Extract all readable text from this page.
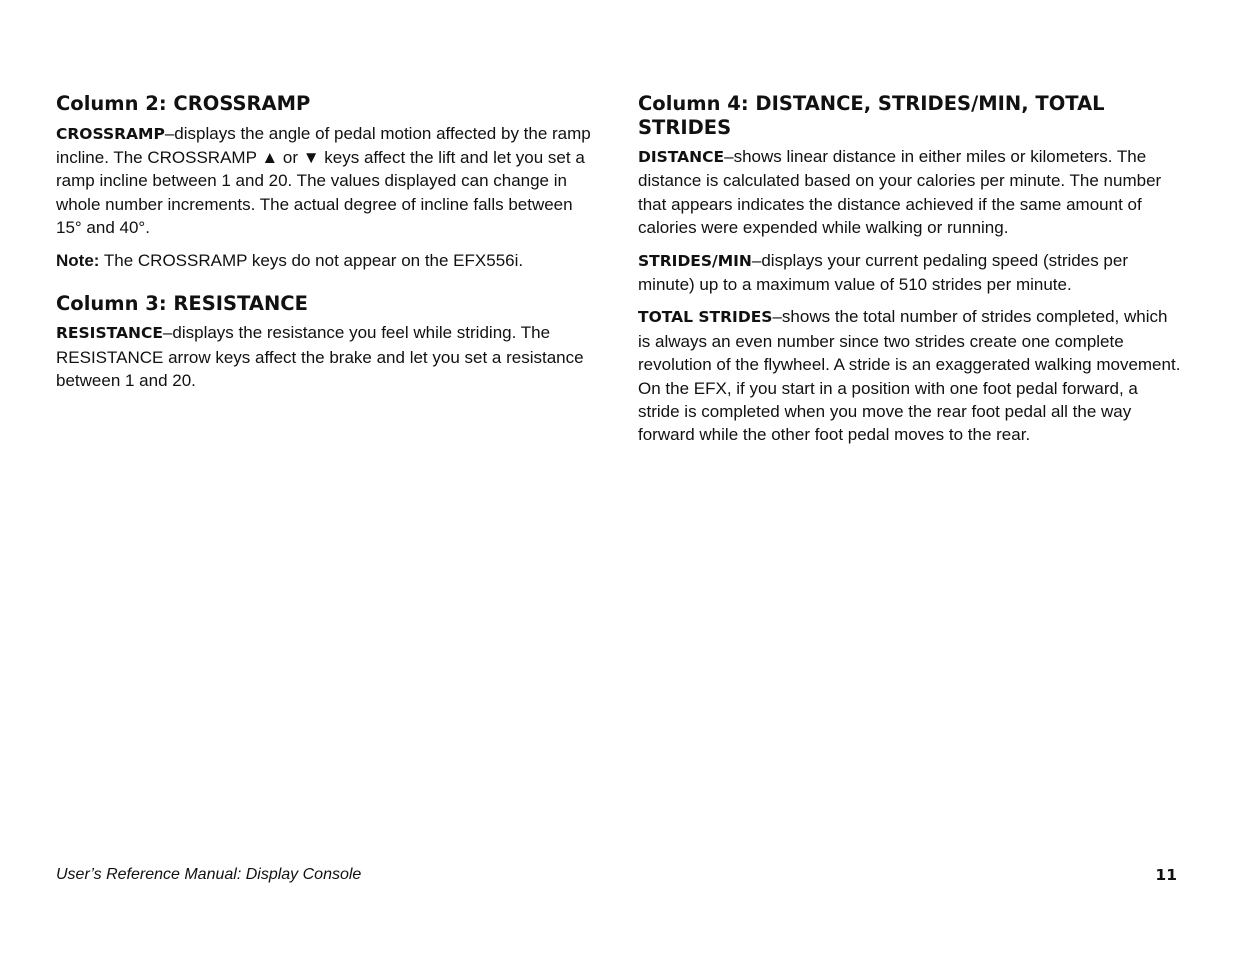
Column 2: CROSSRAMP

CROSSRAMP–displays the angle of pedal motion affected by the ramp incline. The CROSSRAMP ▲ or ▼ keys affect the lift and let you set a ramp incline between 1 and 20. The values displayed can change in whole number increments. The actual degree of incline falls between 15° and 40°.

Note: The CROSSRAMP keys do not appear on the EFX556i.

Column 3: RESISTANCE

RESISTANCE–displays the resistance you feel while striding. The RESISTANCE arrow keys affect the brake and let you set a resistance between 1 and 20.

Column 4: DISTANCE, STRIDES/MIN, TOTAL STRIDES

DISTANCE–shows linear distance in either miles or kilometers. The distance is calculated based on your calories per minute. The number that appears indicates the distance achieved if the same amount of calories were expended while walking or running.

STRIDES/MIN–displays your current pedaling speed (strides per minute) up to a maximum value of 510 strides per minute.

TOTAL STRIDES–shows the total number of strides completed, which is always an even number since two strides create one complete revolution of the flywheel. A stride is an exaggerated walking movement. On the EFX, if you start in a position with one foot pedal forward, a stride is completed when you move the rear foot pedal all the way forward while the other foot pedal moves to the rear.

User’s Reference Manual: Display Console	11
